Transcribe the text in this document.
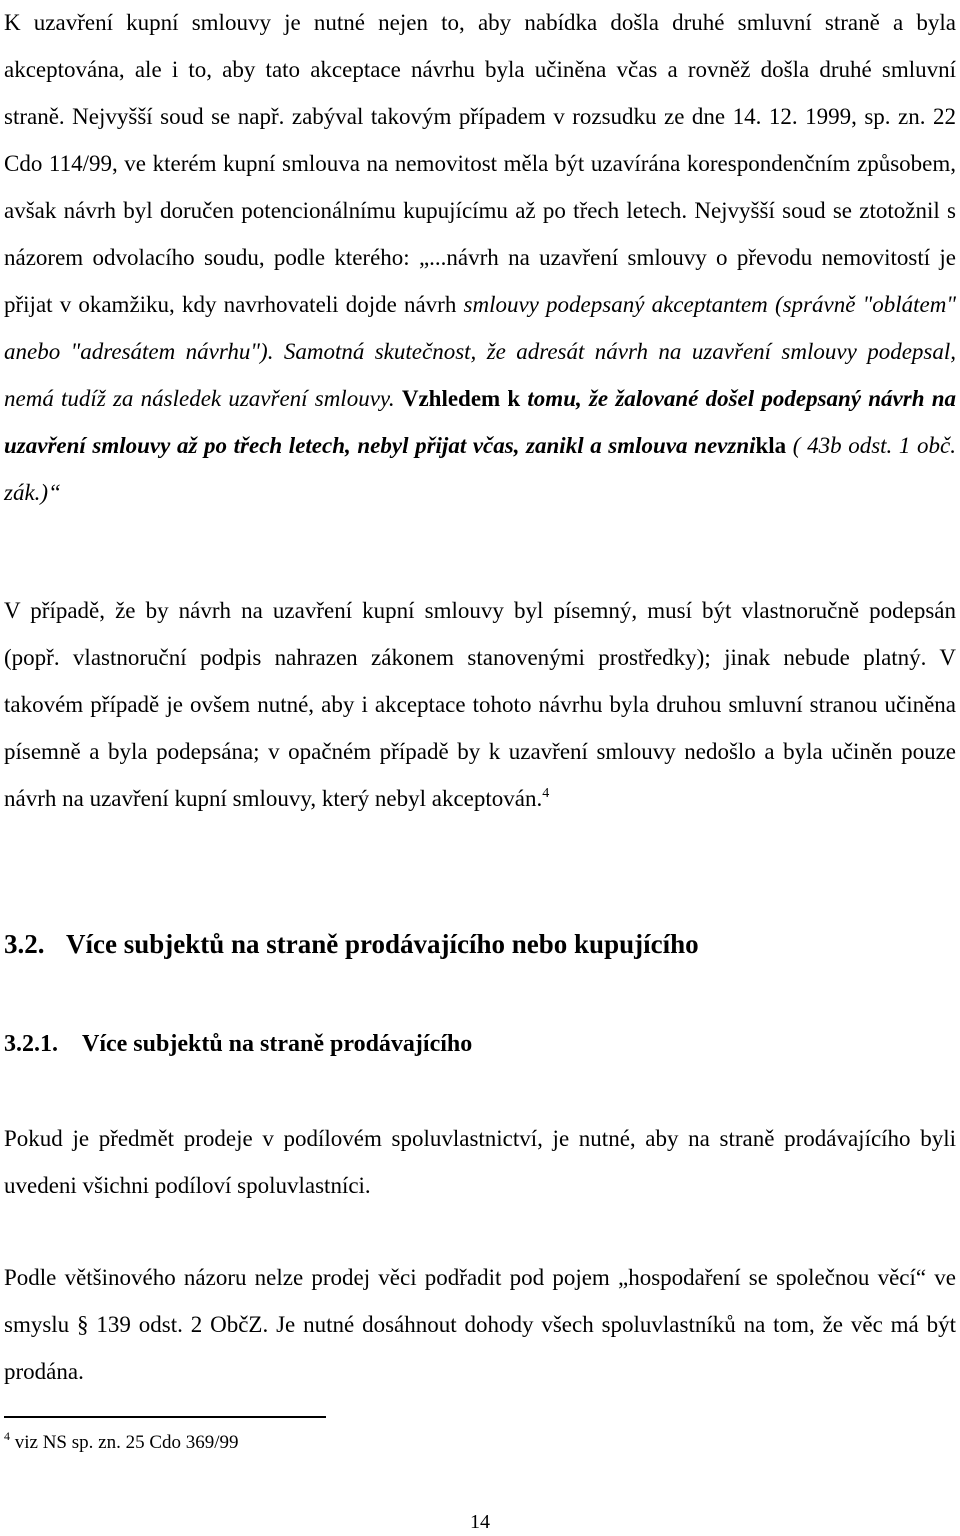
K uzavření kupní smlouvy je nutné nejen to, aby nabídka došla druhé smluvní straně a byla akceptována, ale i to, aby tato akceptace návrhu byla učiněna včas a rovněž došla druhé smluvní straně. Nejvyšší soud se např. zabýval takovým případem v rozsudku ze dne 14. 12. 1999, sp. zn. 22 Cdo 114/99, ve kterém kupní smlouva na nemovitost měla být uzavírána korespondenčním způsobem, avšak návrh byl doručen potencionálnímu kupujícímu až po třech letech. Nejvyšší soud se ztotožnil s názorem odvolacího soudu, podle kterého: „...návrh na uzavření smlouvy o převodu nemovitostí je přijat v okamžiku, kdy navrhovateli dojde návrh smlouvy podepsaný akceptantem (správně "oblátem" anebo "adresátem návrhu"). Samotná skutečnost, že adresát návrh na uzavření smlouvy podepsal, nemá tudíž za následek uzavření smlouvy. Vzhledem k tomu, že žalované došel podepsaný návrh na uzavření smlouvy až po třech letech, nebyl přijat včas, zanikl a smlouva nevznikla ( 43b odst. 1 obč. zák.)“

V případě, že by návrh na uzavření kupní smlouvy byl písemný, musí být vlastnoručně podepsán (popř. vlastnoruční podpis nahrazen zákonem stanovenými prostředky); jinak nebude platný. V takovém případě je ovšem nutné, aby i akceptace tohoto návrhu byla druhou smluvní stranou učiněna písemně a byla podepsána; v opačném případě by k uzavření smlouvy nedošlo a byla učiněn pouze návrh na uzavření kupní smlouvy, který nebyl akceptován.$^4$

3.2. Více subjektů na straně prodávajícího nebo kupujícího
3.2.1. Více subjektů na straně prodávajícího

Pokud je předmět prodeje v podílovém spoluvlastnictví, je nutné, aby na straně prodávajícího byli uvedeni všichni podíloví spoluvlastníci.

Podle většinového názoru nelze prodej věci podřadit pod pojem „hospodaření se společnou věcí“ ve smyslu § 139 odst. 2 ObčZ. Je nutné dosáhnout dohody všech spoluvlastníků na tom, že věc má být prodána.

$^4$ viz NS sp. zn. 25 Cdo 369/99
14
